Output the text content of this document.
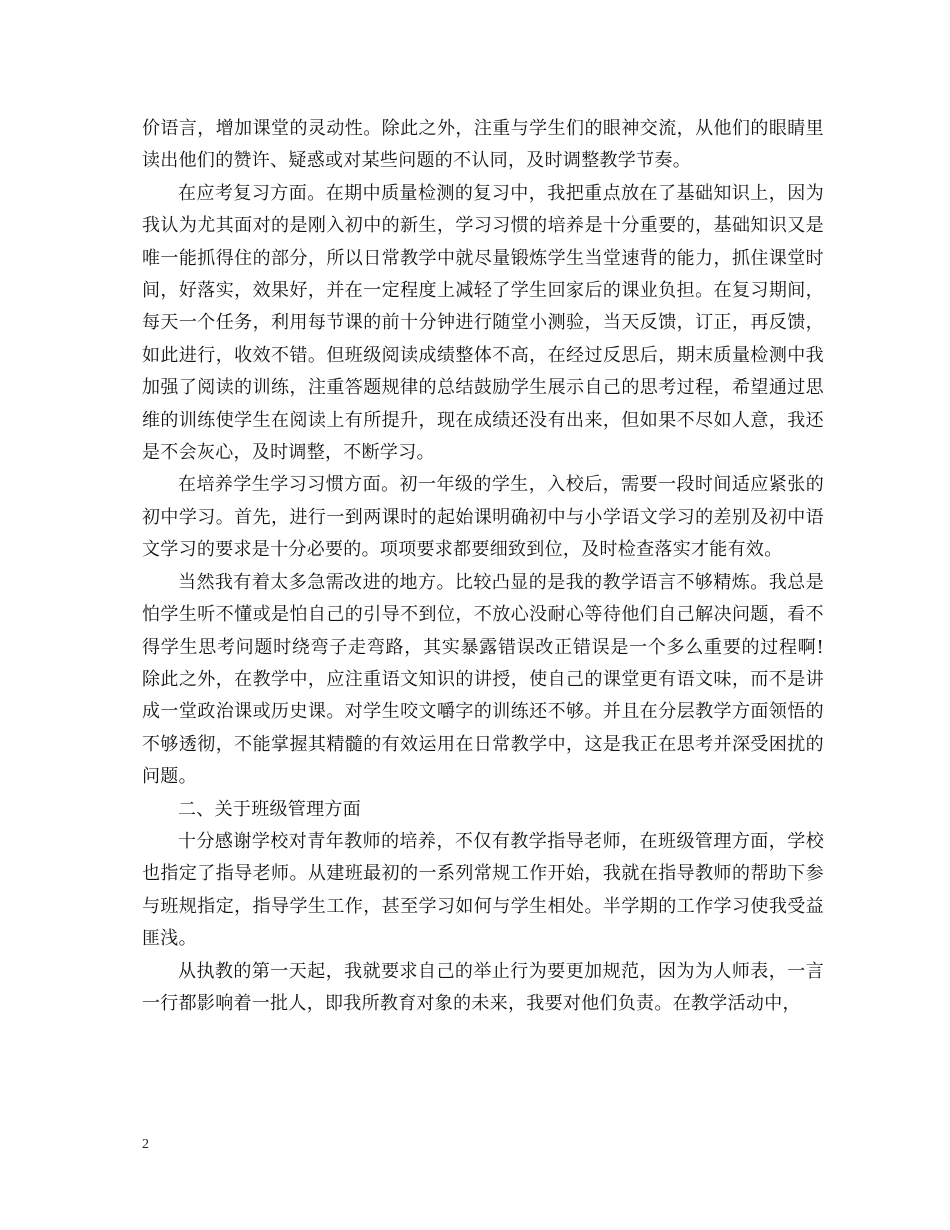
价语言，增加课堂的灵动性。除此之外，注重与学生们的眼神交流，从他们的眼睛里读出他们的赞许、疑惑或对某些问题的不认同，及时调整教学节奏。

在应考复习方面。在期中质量检测的复习中，我把重点放在了基础知识上，因为我认为尤其面对的是刚入初中的新生，学习习惯的培养是十分重要的，基础知识又是唯一能抓得住的部分，所以日常教学中就尽量锻炼学生当堂速背的能力，抓住课堂时间，好落实，效果好，并在一定程度上减轻了学生回家后的课业负担。在复习期间，每天一个任务，利用每节课的前十分钟进行随堂小测验，当天反馈，订正，再反馈，如此进行，收效不错。但班级阅读成绩整体不高，在经过反思后，期末质量检测中我加强了阅读的训练，注重答题规律的总结鼓励学生展示自己的思考过程，希望通过思维的训练使学生在阅读上有所提升，现在成绩还没有出来，但如果不尽如人意，我还是不会灰心，及时调整，不断学习。

在培养学生学习习惯方面。初一年级的学生，入校后，需要一段时间适应紧张的初中学习。首先，进行一到两课时的起始课明确初中与小学语文学习的差别及初中语文学习的要求是十分必要的。项项要求都要细致到位，及时检查落实才能有效。

当然我有着太多急需改进的地方。比较凸显的是我的教学语言不够精炼。我总是怕学生听不懂或是怕自己的引导不到位，不放心没耐心等待他们自己解决问题，看不得学生思考问题时绕弯子走弯路，其实暴露错误改正错误是一个多么重要的过程啊!除此之外，在教学中，应注重语文知识的讲授，使自己的课堂更有语文味，而不是讲成一堂政治课或历史课。对学生咬文嚼字的训练还不够。并且在分层教学方面领悟的不够透彻，不能掌握其精髓的有效运用在日常教学中，这是我正在思考并深受困扰的问题。

二、关于班级管理方面

十分感谢学校对青年教师的培养，不仅有教学指导老师，在班级管理方面，学校也指定了指导老师。从建班最初的一系列常规工作开始，我就在指导教师的帮助下参与班规指定，指导学生工作，甚至学习如何与学生相处。半学期的工作学习使我受益匪浅。

从执教的第一天起，我就要求自己的举止行为要更加规范，因为为人师表，一言一行都影响着一批人，即我所教育对象的未来，我要对他们负责。在教学活动中，

2
